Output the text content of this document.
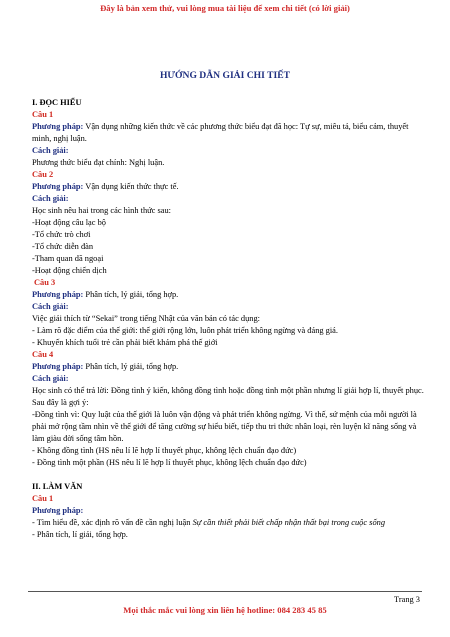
Đây là bản xem thử, vui lòng mua tài liệu để xem chi tiết (có lời giải)
HƯỚNG DẪN GIẢI CHI TIẾT
I. ĐỌC HIỂU
Câu 1
Phương pháp: Vận dụng những kiến thức về các phương thức biểu đạt đã học: Tự sự, miêu tả, biểu cảm, thuyết minh, nghị luận.
Cách giải:
Phương thức biểu đạt chính: Nghị luận.
Câu 2
Phương pháp: Vận dụng kiến thức thực tế.
Cách giải:
Học sinh nêu hai trong các hình thức sau:
-Hoạt động câu lạc bộ
-Tổ chức trò chơi
-Tổ chức diễn đàn
-Tham quan dã ngoại
-Hoạt động chiến dịch
Câu 3
Phương pháp: Phân tích, lý giải, tổng hợp.
Cách giải:
Việc giải thích từ “Sekai” trong tiếng Nhật của văn bản có tác dụng:
- Làm rõ đặc điểm của thế giới: thế giới rộng lớn, luôn phát triển không ngừng và đáng giá.
- Khuyến khích tuổi trẻ cần phải biết khám phá thế giới
Câu 4
Phương pháp: Phân tích, lý giải, tổng hợp.
Cách giải:
Học sinh có thể trả lời: Đồng tình ý kiến, không đồng tình hoặc đồng tình một phần nhưng lí giải hợp lí, thuyết phục. Sau đây là gợi ý:
-Đồng tình vì: Quy luật của thế giới là luôn vận động và phát triển không ngừng. Vì thế, sứ mệnh của mỗi người là phải mở rộng tầm nhìn về thế giới để tăng cường sự hiểu biết, tiếp thu tri thức nhân loại, rèn luyện kĩ năng sống và làm giàu đời sống tâm hồn.
- Không đồng tình (HS nêu lí lẽ hợp lí thuyết phục, không lệch chuẩn đạo đức)
- Đồng tình một phần (HS nêu lí lẽ hợp lí thuyết phục, không lệch chuẩn đạo đức)
II. LÀM VĂN
Câu 1
Phương pháp:
- Tìm hiểu đề, xác định rõ vấn đề cần nghị luận Sự cần thiết phải biết chấp nhận thất bại trong cuộc sống
- Phân tích, lí giải, tổng hợp.
Trang 3
Mọi thắc mắc vui lòng xin liên hệ hotline: 084 283 45 85
